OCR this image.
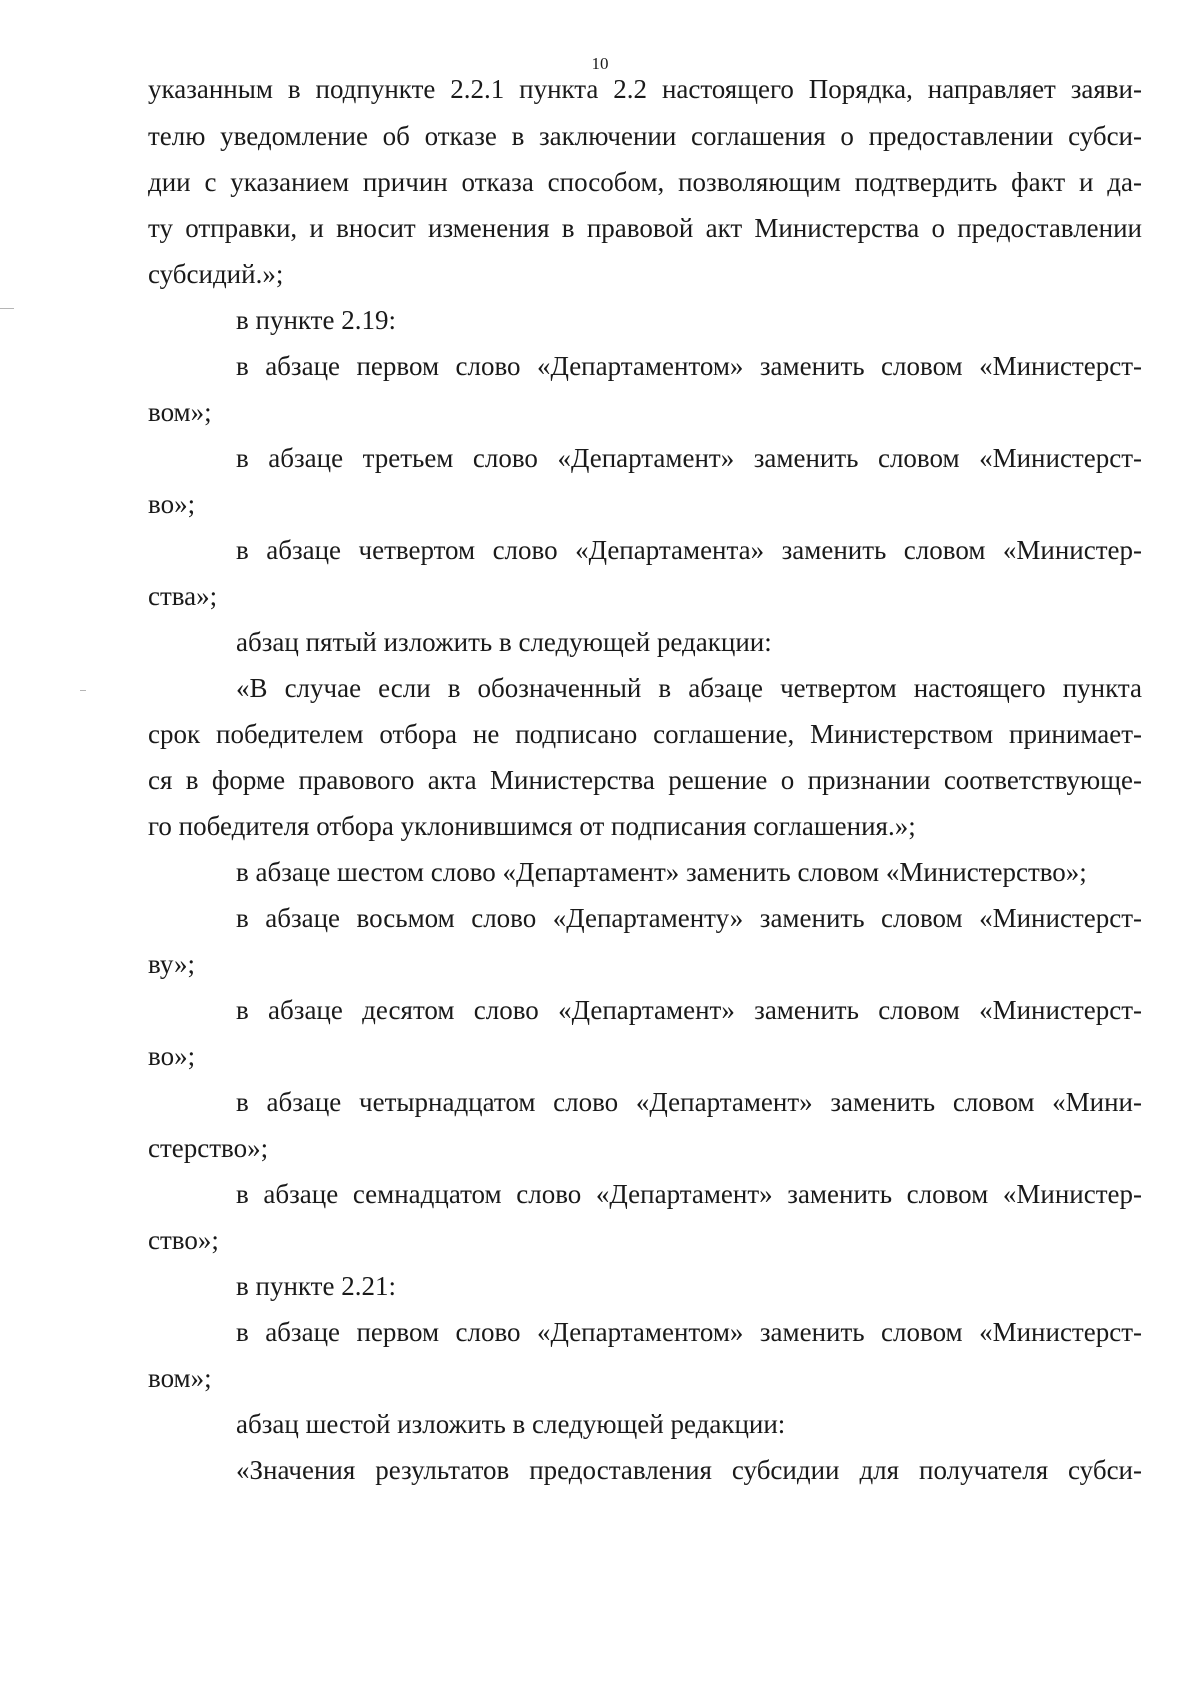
10
указанным в подпункте 2.2.1 пункта 2.2 настоящего Порядка, направляет заяви-
телю уведомление об отказе в заключении соглашения о предоставлении субси-
дии с указанием причин отказа способом, позволяющим подтвердить факт и да-
ту отправки, и вносит изменения в правовой акт Министерства о предоставлении
субсидий.»;
в пункте 2.19:
в абзаце первом слово «Департаментом» заменить словом «Министерст-
вом»;
в абзаце третьем слово «Департамент» заменить словом «Министерст-
во»;
в абзаце четвертом слово «Департамента» заменить словом «Министер-
ства»;
абзац пятый изложить в следующей редакции:
«В случае если в обозначенный в абзаце четвертом настоящего пункта
срок победителем отбора не подписано соглашение, Министерством принимает-
ся в форме правового акта Министерства решение о признании соответствующе-
го победителя отбора уклонившимся от подписания соглашения.»;
в абзаце шестом слово «Департамент» заменить словом «Министерство»;
в абзаце восьмом слово «Департаменту» заменить словом «Министерст-
ву»;
в абзаце десятом слово «Департамент» заменить словом «Министерст-
во»;
в абзаце четырнадцатом слово «Департамент» заменить словом «Мини-
стерство»;
в абзаце семнадцатом слово «Департамент» заменить словом «Министер-
ство»;
в пункте 2.21:
в абзаце первом слово «Департаментом» заменить словом «Министерст-
вом»;
абзац шестой изложить в следующей редакции:
«Значения результатов предоставления субсидии для получателя субси-
